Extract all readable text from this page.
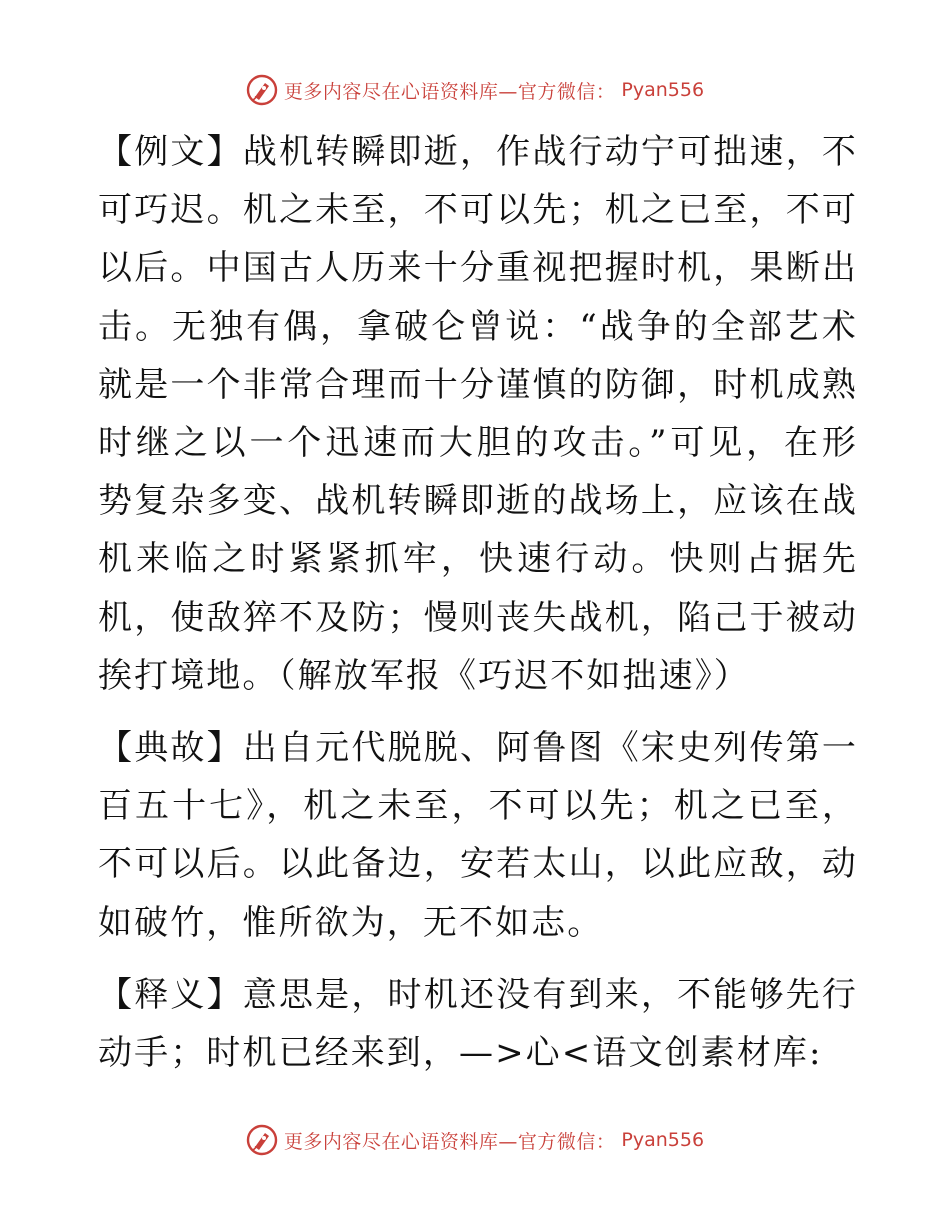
更多内容尽在心语资料库—官方微信： Pyan556

【例文】战机转瞬即逝，作战行动宁可拙速，不可巧迟。机之未至，不可以先；机之已至，不可以后。中国古人历来十分重视把握时机，果断出击。无独有偶，拿破仑曾说：“战争的全部艺术就是一个非常合理而十分谨慎的防御，时机成熟时继之以一个迅速而大胆的攻击。”可见，在形势复杂多变、战机转瞬即逝的战场上，应该在战机来临之时紧紧抓牢，快速行动。快则占据先机，使敌猝不及防；慢则丧失战机，陷己于被动挨打境地。（解放军报《巧迟不如拙速》）

【典故】出自元代脱脱、阿鲁图《宋史列传第一百五十七》，机之未至，不可以先；机之已至，不可以后。以此备边，安若太山，以此应敌，动如破竹，惟所欲为，无不如志。

【释义】意思是，时机还没有到来，不能够先行动手；时机已经来到，—>心<语文创素材库:

更多内容尽在心语资料库—官方微信： Pyan556
